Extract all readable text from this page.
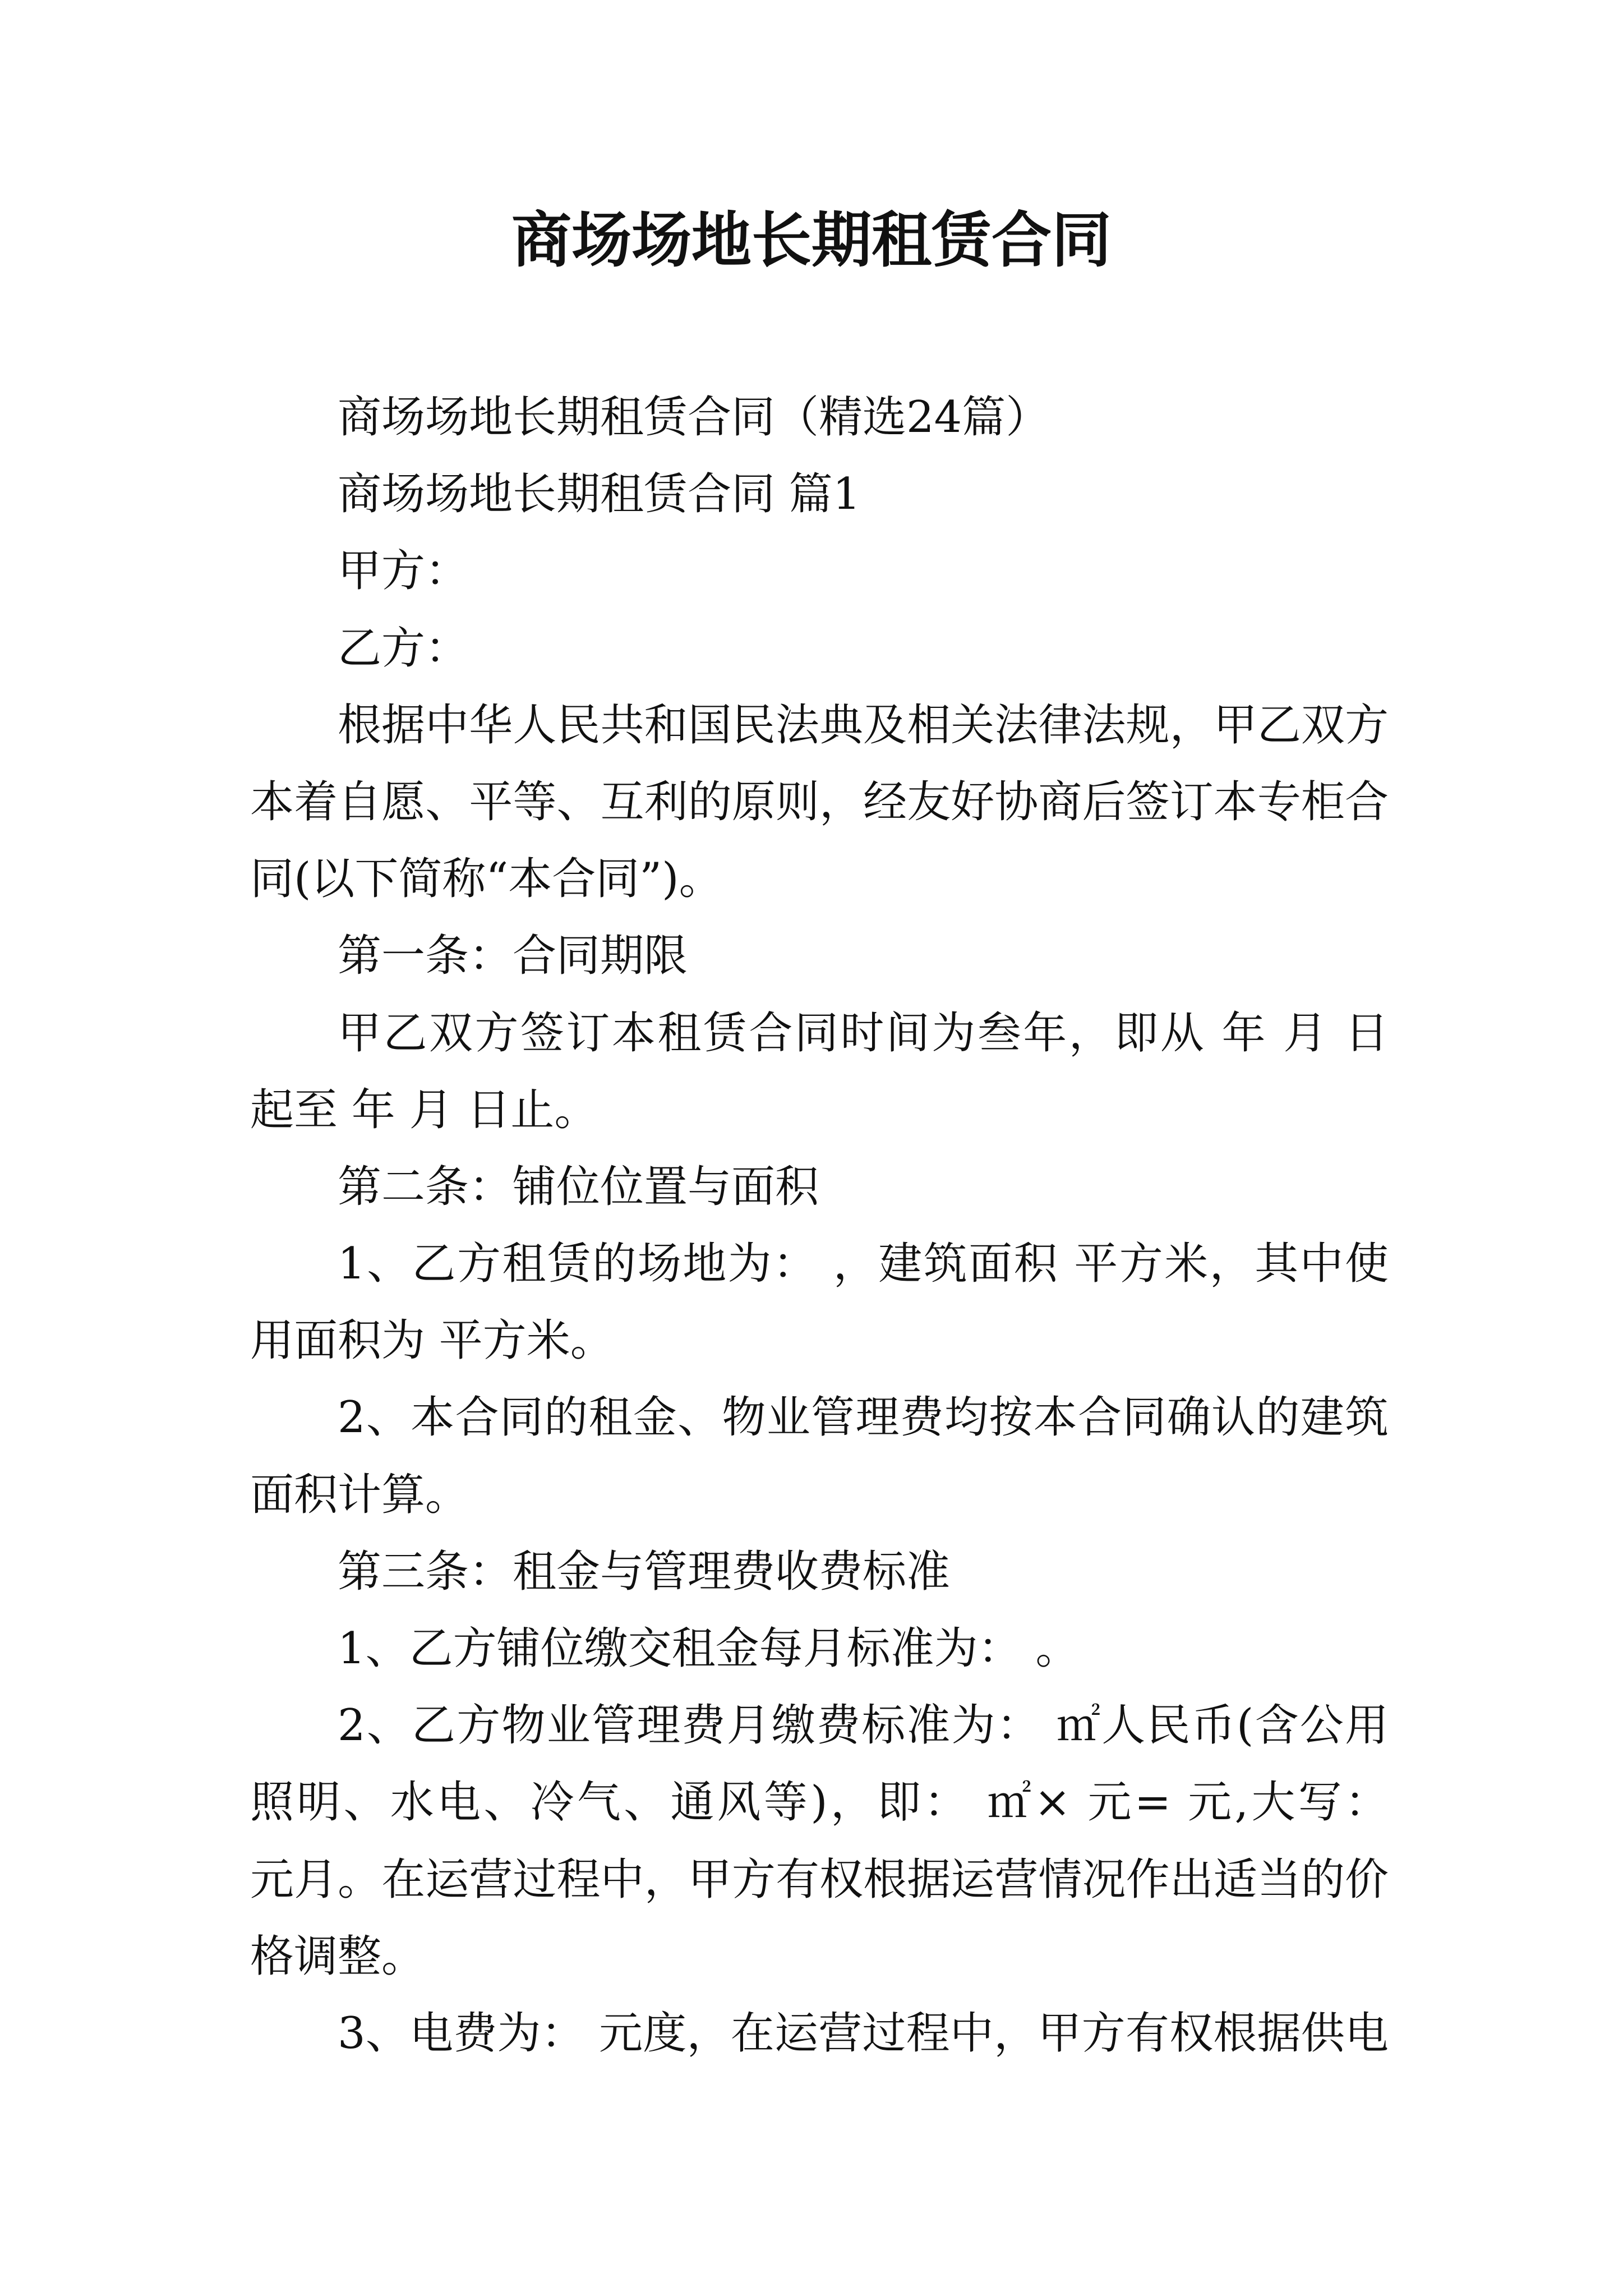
商场场地长期租赁合同
商场场地长期租赁合同（精选24篇）
商场场地长期租赁合同 篇1
甲方：
乙方：
根据中华人民共和国民法典及相关法律法规，甲乙双方
本着自愿、平等、互利的原则，经友好协商后签订本专柜合
同(以下简称“本合同”)。
第一条：合同期限
甲乙双方签订本租赁合同时间为叁年，即从 年 月 日
起至 年 月 日止。
第二条：铺位位置与面积
1、乙方租赁的场地为： ，建筑面积 平方米，其中使
用面积为 平方米。
2、本合同的租金、物业管理费均按本合同确认的建筑
面积计算。
第三条：租金与管理费收费标准
1、乙方铺位缴交租金每月标准为： 。
2、乙方物业管理费月缴费标准为： ㎡人民币(含公用
照明、水电、冷气、通风等)，即： ㎡× 元= 元,大写：
元月。在运营过程中，甲方有权根据运营情况作出适当的价
格调整。
3、电费为： 元度，在运营过程中，甲方有权根据供电
